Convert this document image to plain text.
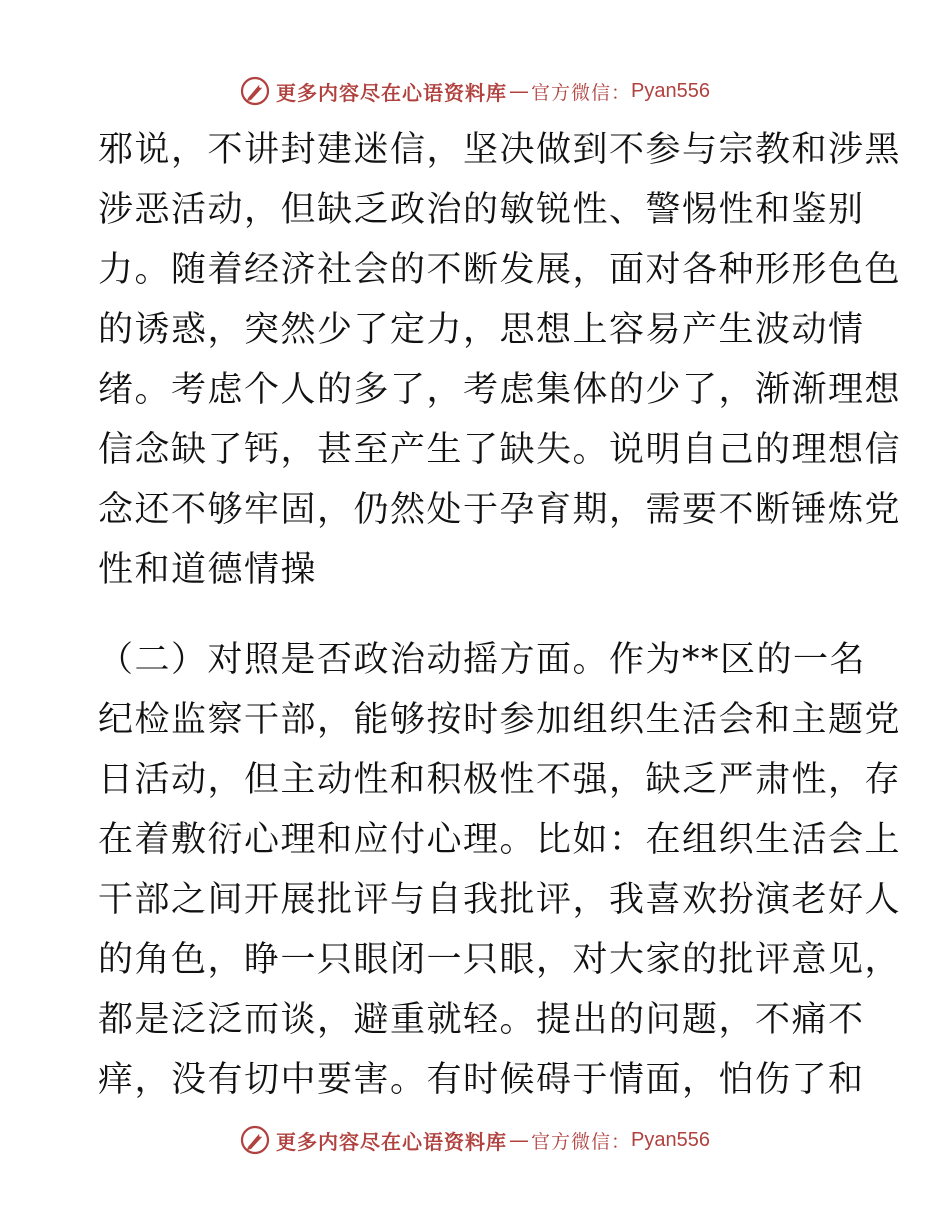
更多内容尽在心语资料库 — 官方微信： Pyan556
邪说，不讲封建迷信，坚决做到不参与宗教和涉黑
涉恶活动，但缺乏政治的敏锐性、警惕性和鉴别
力。随着经济社会的不断发展，面对各种形形色色
的诱惑，突然少了定力，思想上容易产生波动情
绪。考虑个人的多了，考虑集体的少了，渐渐理想
信念缺了钙，甚至产生了缺失。说明自己的理想信
念还不够牢固，仍然处于孕育期，需要不断锤炼党
性和道德情操
（二）对照是否政治动摇方面。作为**区的一名
纪检监察干部，能够按时参加组织生活会和主题党
日活动，但主动性和积极性不强，缺乏严肃性，存
在着敷衍心理和应付心理。比如：在组织生活会上
干部之间开展批评与自我批评，我喜欢扮演老好人
的角色，睁一只眼闭一只眼，对大家的批评意见，
都是泛泛而谈，避重就轻。提出的问题，不痛不
痒，没有切中要害。有时候碍于情面，怕伤了和
更多内容尽在心语资料库 — 官方微信： Pyan556
